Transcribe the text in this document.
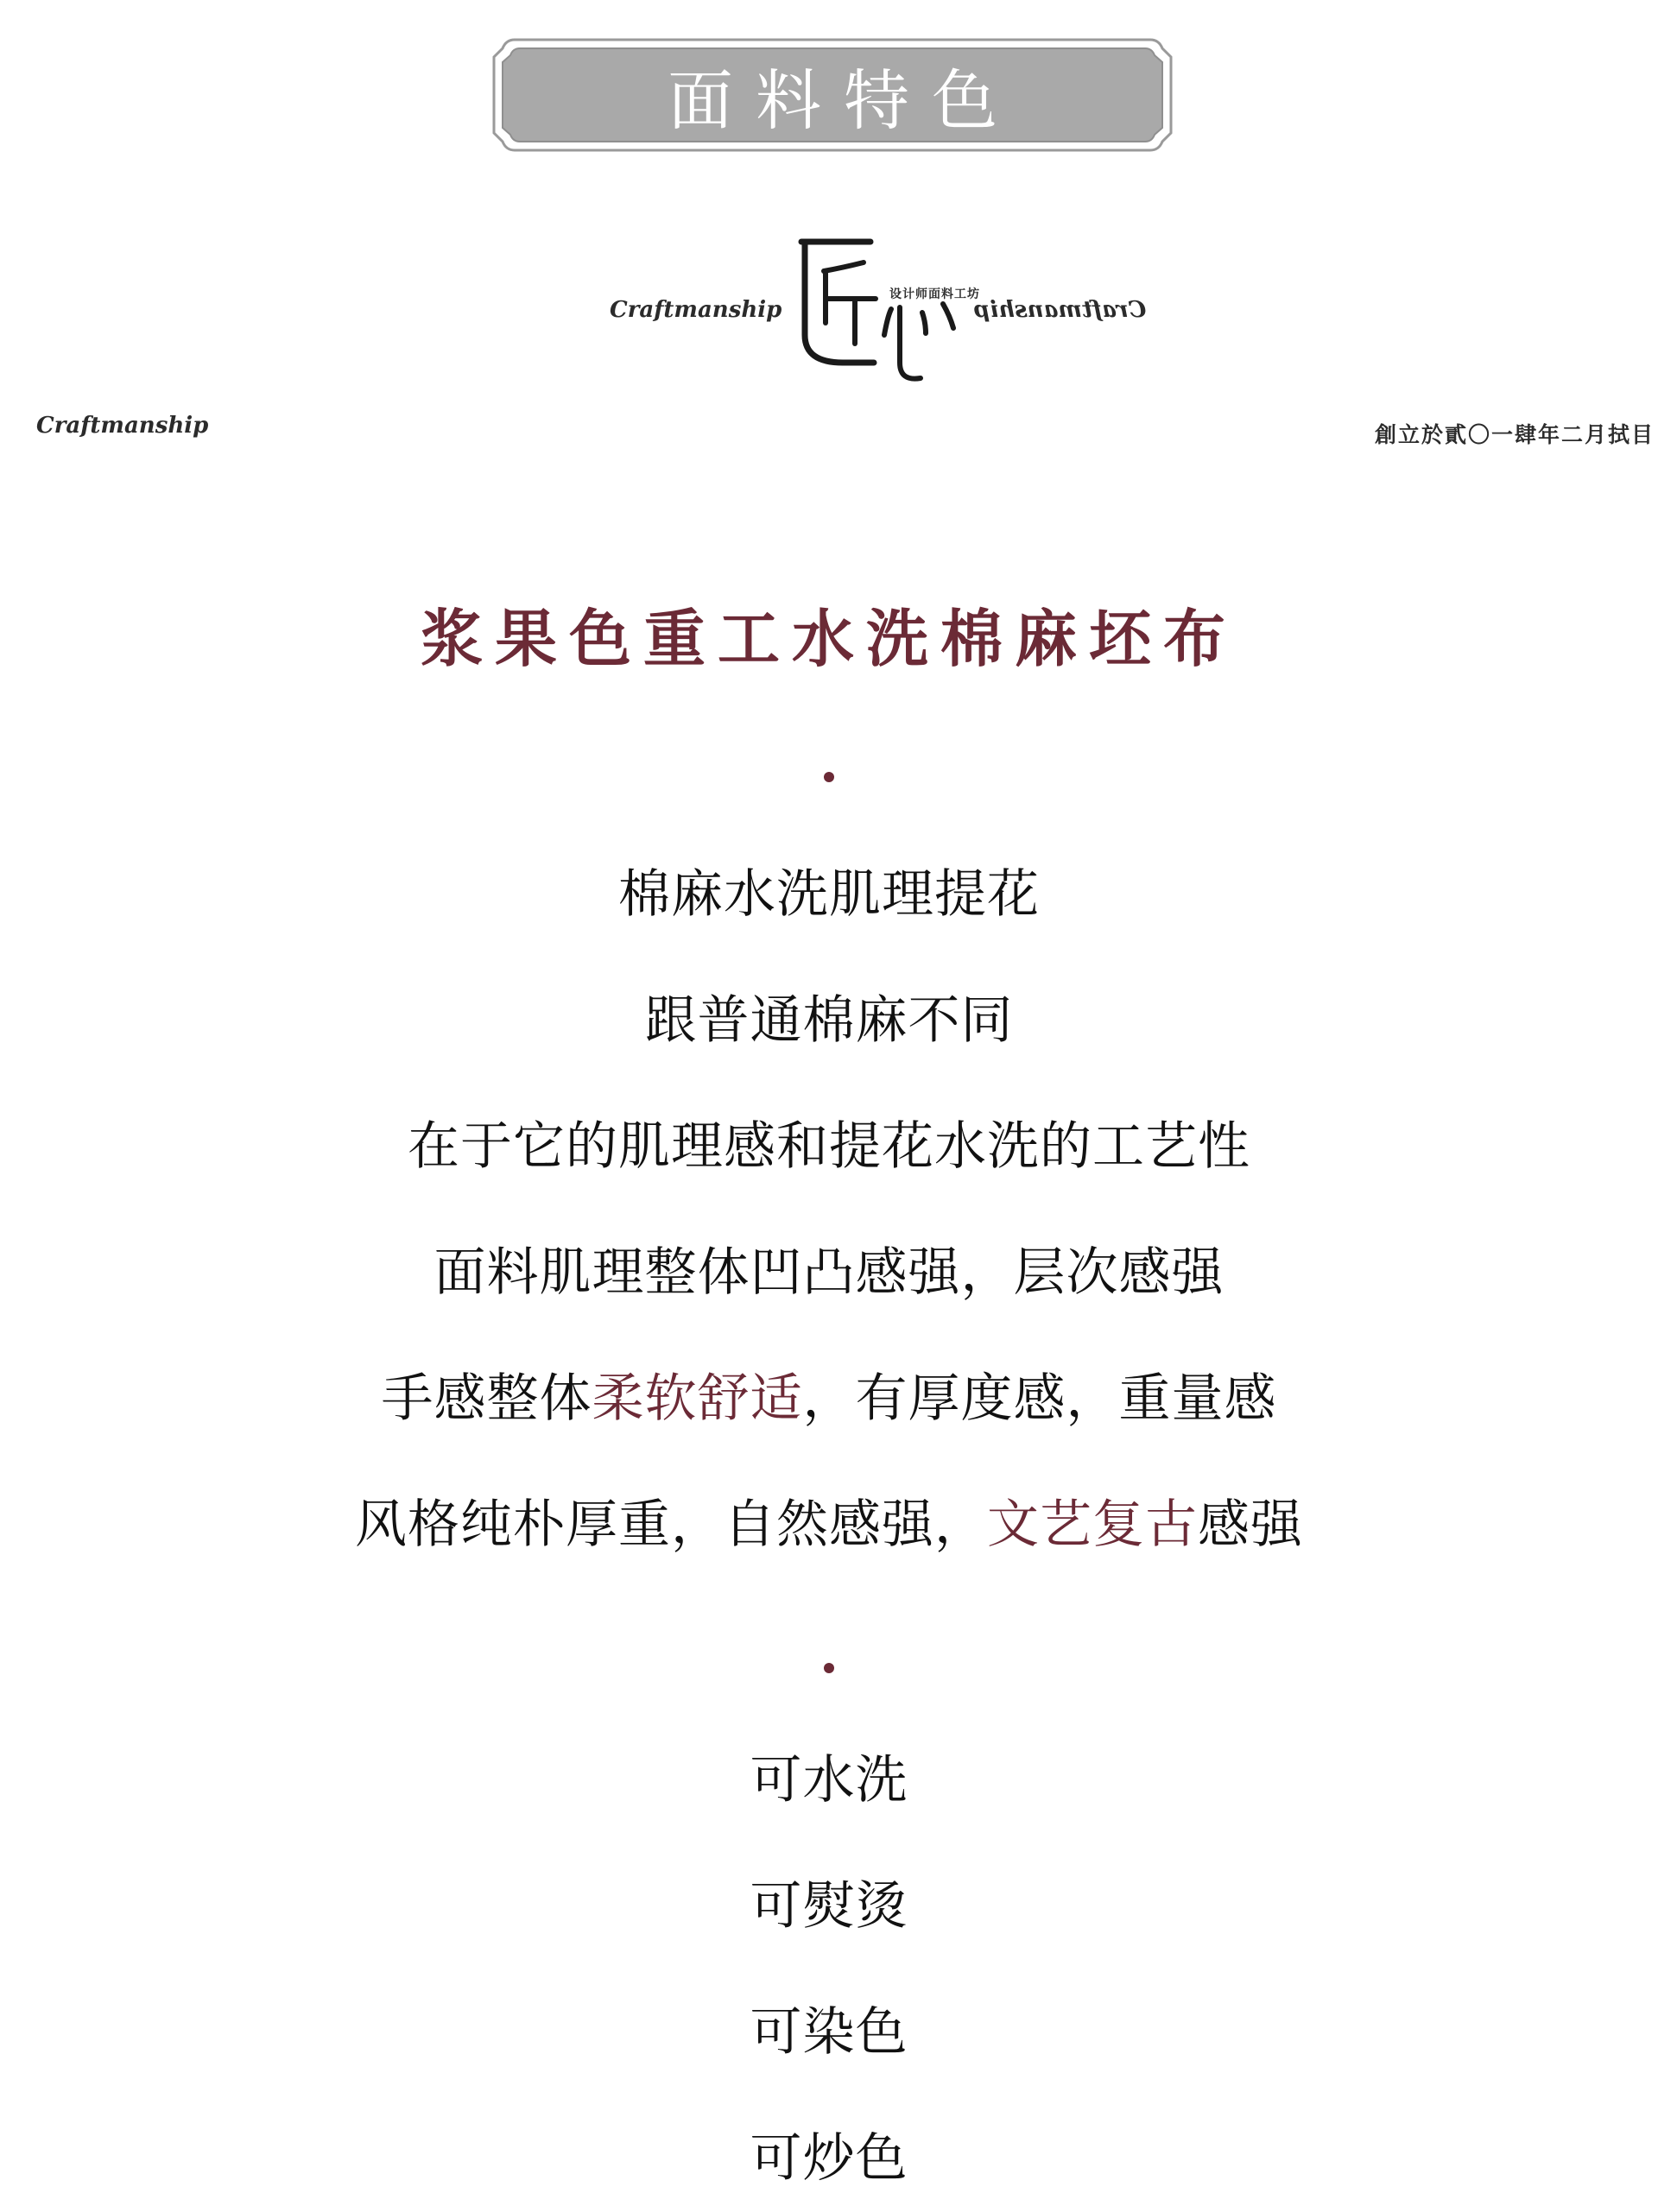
面料特色
Craftmanship
设计师面料工坊
Craftmanship
Craftmanship	創立於貳〇一肆年二月拭目
浆果色重工水洗棉麻坯布
棉麻水洗肌理提花
跟普通棉麻不同
在于它的肌理感和提花水洗的工艺性
面料肌理整体凹凸感强，层次感强
手感整体柔软舒适，有厚度感，重量感
风格纯朴厚重，自然感强，文艺复古感强
可水洗
可熨烫
可染色
可炒色
